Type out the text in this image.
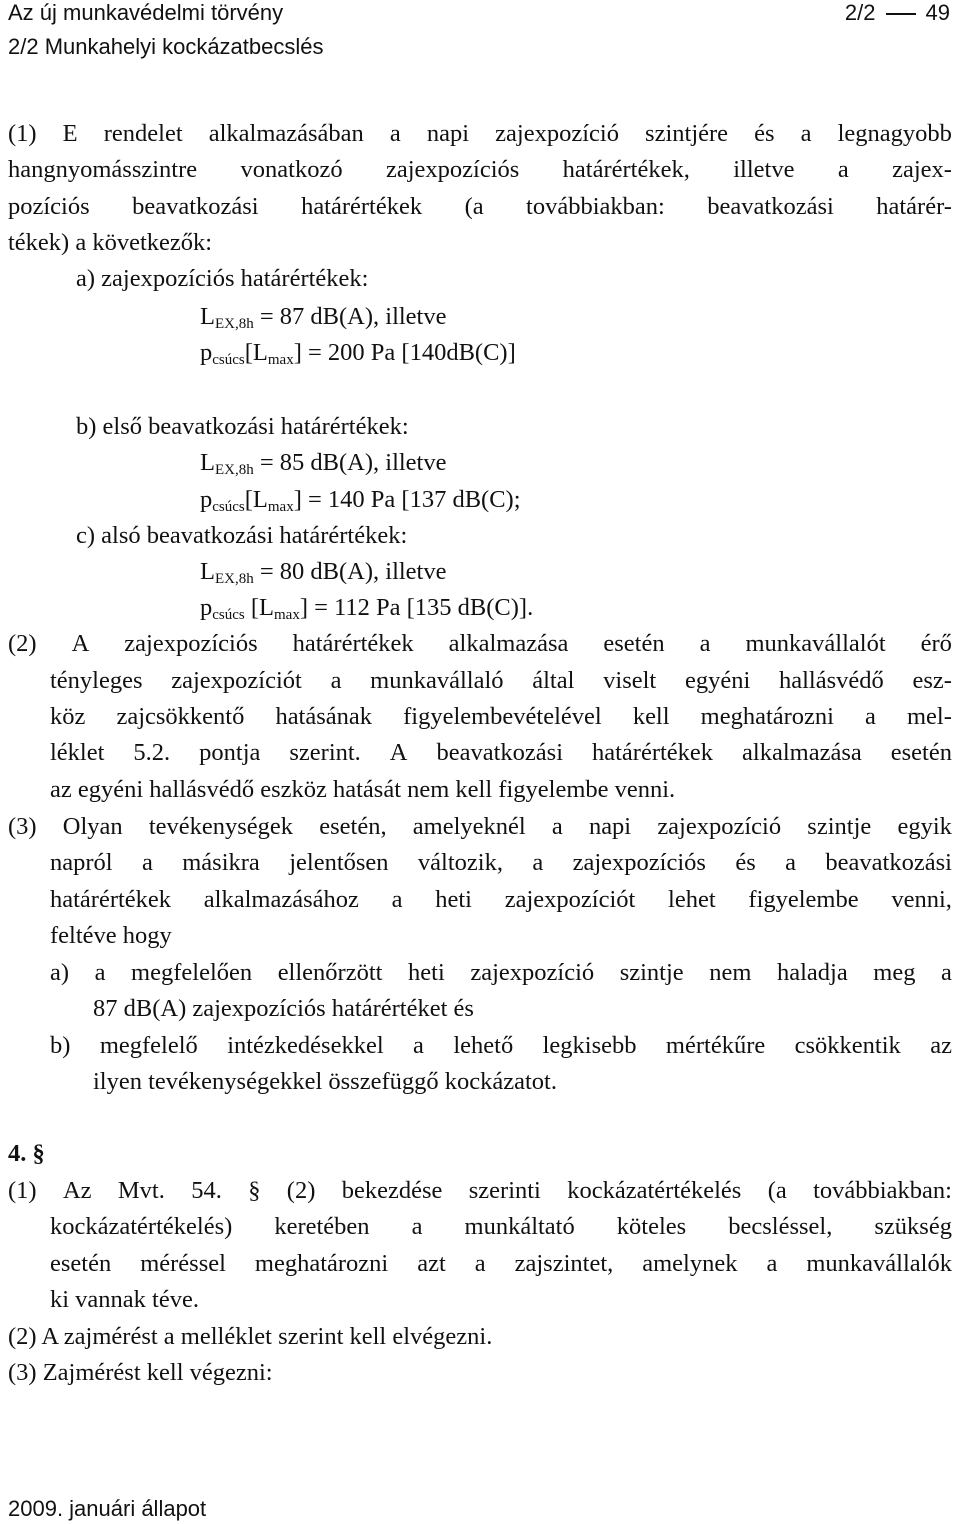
Az új munkavédelmi törvény	2/2 49
2/2 Munkahelyi kockázatbecslés
(1) E rendelet alkalmazásában a napi zajexpozíció szintjére és a legnagyobb
hangnyomásszintre vonatkozó zajexpozíciós határértékek, illetve a zajex-
pozíciós beavatkozási határértékek (a továbbiakban: beavatkozási határér-
tékek) a következők:
a) zajexpozíciós határértékek:
LEX,8h = 87 dB(A), illetve
pcsúcs[Lmax] = 200 Pa [140dB(C)]
b) első beavatkozási határértékek:
LEX,8h = 85 dB(A), illetve
pcsúcs[Lmax] = 140 Pa [137 dB(C);
c) alsó beavatkozási határértékek:
LEX,8h = 80 dB(A), illetve
pcsúcs [Lmax] = 112 Pa [135 dB(C)].
(2) A zajexpozíciós határértékek alkalmazása esetén a munkavállalót érő
tényleges zajexpozíciót a munkavállaló által viselt egyéni hallásvédő esz-
köz zajcsökkentő hatásának figyelembevételével kell meghatározni a mel-
léklet 5.2. pontja szerint. A beavatkozási határértékek alkalmazása esetén
az egyéni hallásvédő eszköz hatását nem kell figyelembe venni.
(3) Olyan tevékenységek esetén, amelyeknél a napi zajexpozíció szintje egyik
napról a másikra jelentősen változik, a zajexpozíciós és a beavatkozási
határértékek alkalmazásához a heti zajexpozíciót lehet figyelembe venni,
feltéve hogy
a) a megfelelően ellenőrzött heti zajexpozíció szintje nem haladja meg a
87 dB(A) zajexpozíciós határértéket és
b) megfelelő intézkedésekkel a lehető legkisebb mértékűre csökkentik az
ilyen tevékenységekkel összefüggő kockázatot.
4. §
(1) Az Mvt. 54. § (2) bekezdése szerinti kockázatértékelés (a továbbiakban:
kockázatértékelés) keretében a munkáltató köteles becsléssel, szükség
esetén méréssel meghatározni azt a zajszintet, amelynek a munkavállalók
ki vannak téve.
(2) A zajmérést a melléklet szerint kell elvégezni.
(3) Zajmérést kell végezni:
2009. januári állapot
